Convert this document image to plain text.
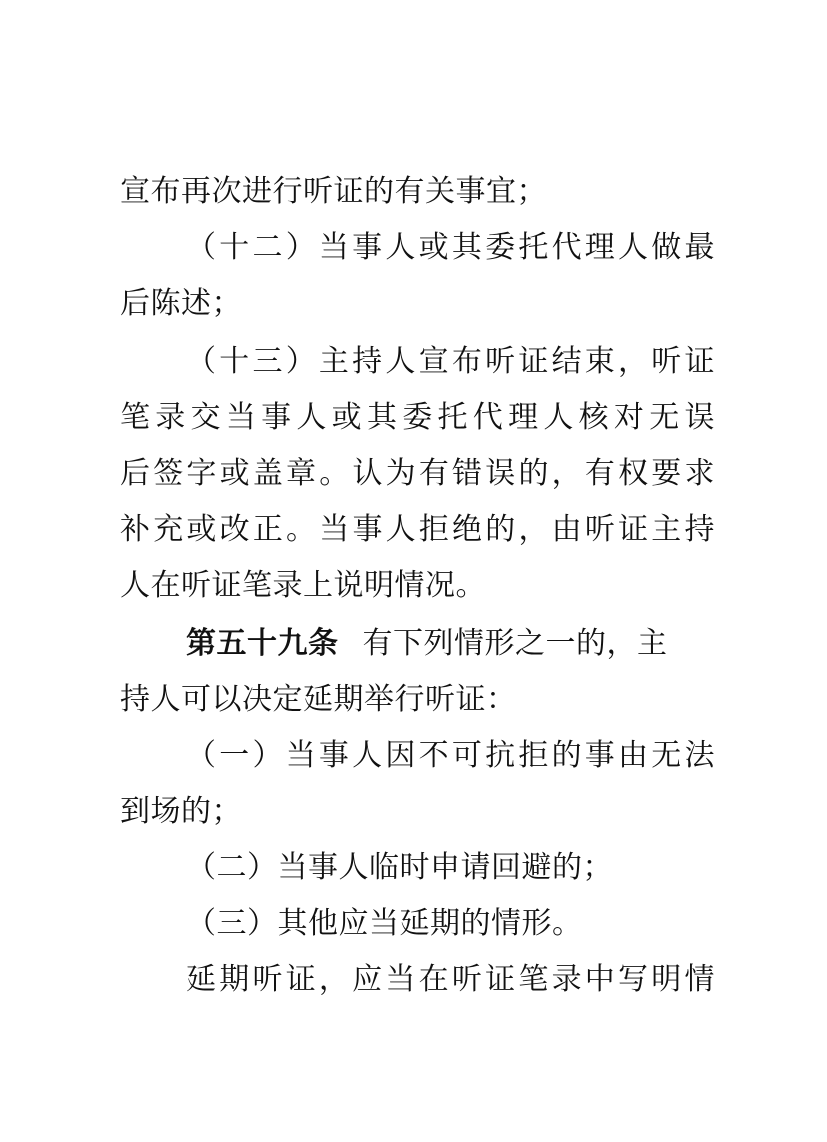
宣布再次进行听证的有关事宜；
（十二）当事人或其委托代理人做最
后陈述；
（十三）主持人宣布听证结束，听证
笔录交当事人或其委托代理人核对无误
后签字或盖章。认为有错误的，有权要求
补充或改正。当事人拒绝的，由听证主持
人在听证笔录上说明情况。
第五十九条 有下列情形之一的，主
持人可以决定延期举行听证：
（一）当事人因不可抗拒的事由无法
到场的；
（二）当事人临时申请回避的；
（三）其他应当延期的情形。
延期听证，应当在听证笔录中写明情
